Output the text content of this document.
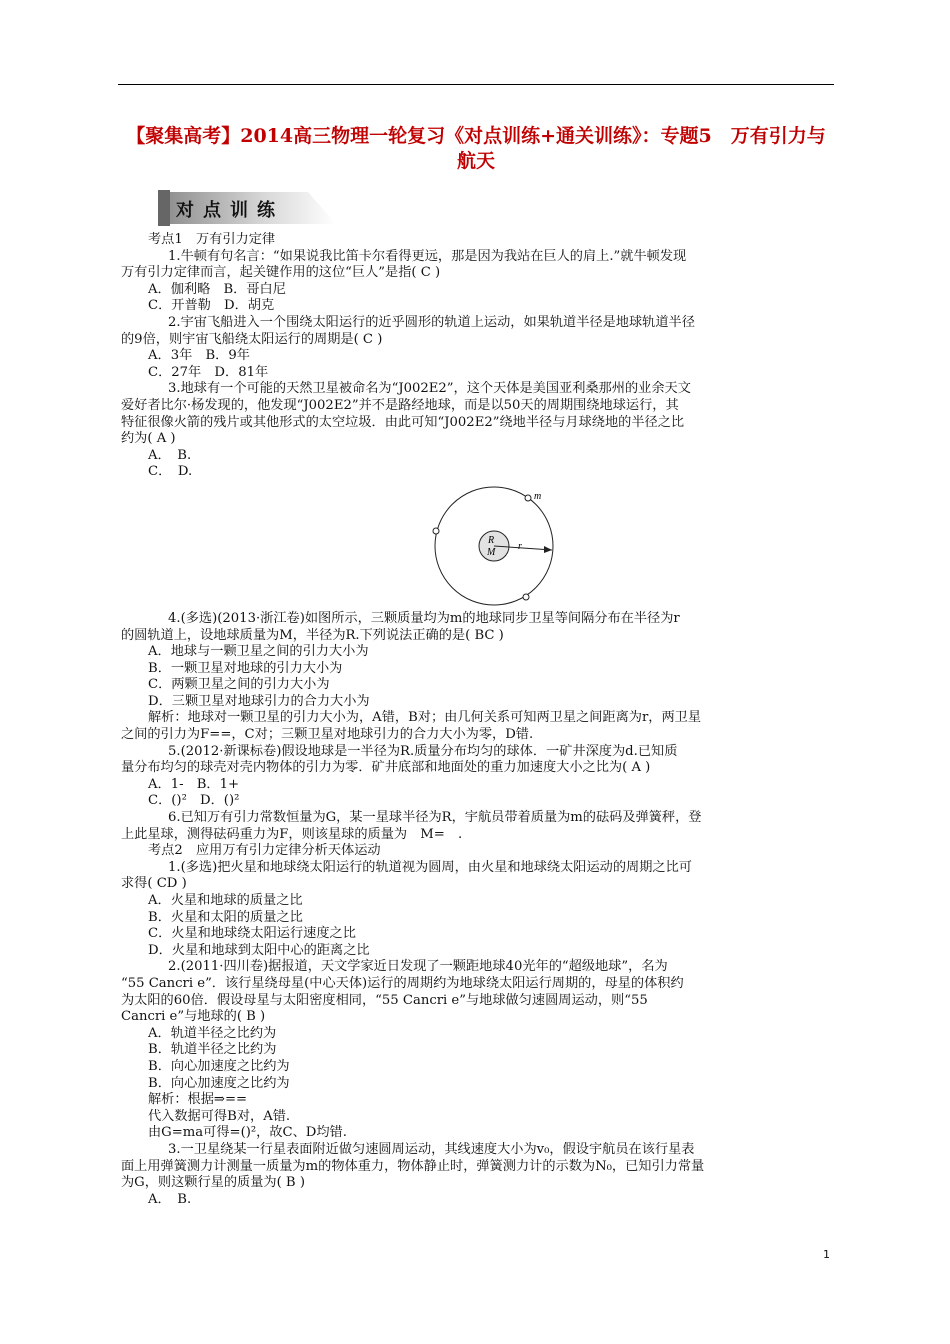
【聚集高考】2014高三物理一轮复习《对点训练+通关训练》：专题5　万有引力与航天
对点训练
考点1　万有引力定律
1.牛顿有句名言：“如果说我比笛卡尔看得更远，那是因为我站在巨人的肩上.”就牛顿发现
万有引力定律而言，起关键作用的这位“巨人”是指( C )
A．伽利略　B．哥白尼
C．开普勒　D．胡克
2.宇宙飞船进入一个围绕太阳运行的近乎圆形的轨道上运动，如果轨道半径是地球轨道半径
的9倍，则宇宙飞船绕太阳运行的周期是( C )
A．3年　B．9年
C．27年　D．81年
3.地球有一个可能的天然卫星被命名为“J002E2”，这个天体是美国亚利桑那州的业余天文
爱好者比尔·杨发现的，他发现“J002E2”并不是路经地球，而是以50天的周期围绕地球运行，其
特征很像火箭的残片或其他形式的太空垃圾．由此可知“J002E2”绕地半径与月球绕地的半径之比
约为( A )
A．　B.
C．　D.
m
R
M
r
4.(多选)(2013·浙江卷)如图所示，三颗质量均为m的地球同步卫星等间隔分布在半径为r
的圆轨道上，设地球质量为M，半径为R.下列说法正确的是( BC )
A．地球与一颗卫星之间的引力大小为
B．一颗卫星对地球的引力大小为
C．两颗卫星之间的引力大小为
D．三颗卫星对地球引力的合力大小为
解析：地球对一颗卫星的引力大小为，A错，B对；由几何关系可知两卫星之间距离为r，两卫星
之间的引力为F==，C对；三颗卫星对地球引力的合力大小为零，D错.
5.(2012·新课标卷)假设地球是一半径为R.质量分布均匀的球体．一矿井深度为d.已知质
量分布均匀的球壳对壳内物体的引力为零．矿井底部和地面处的重力加速度大小之比为( A )
A．1-　B．1+
C．()²　D．()²
6.已知万有引力常数恒量为G，某一星球半径为R，宇航员带着质量为m的砝码及弹簧秤，登
上此星球，测得砝码重力为F，则该星球的质量为　M=　.
考点2　应用万有引力定律分析天体运动
1.(多选)把火星和地球绕太阳运行的轨道视为圆周，由火星和地球绕太阳运动的周期之比可
求得( CD )
A．火星和地球的质量之比
B．火星和太阳的质量之比
C．火星和地球绕太阳运行速度之比
D．火星和地球到太阳中心的距离之比
2.(2011·四川卷)据报道，天文学家近日发现了一颗距地球40光年的“超级地球”，名为
“55 Cancri e”．该行星绕母星(中心天体)运行的周期约为地球绕太阳运行周期的，母星的体积约
为太阳的60倍．假设母星与太阳密度相同，“55 Cancri e”与地球做匀速圆周运动，则“55
Cancri e”与地球的( B )
A．轨道半径之比约为
B．轨道半径之比约为
B．向心加速度之比约为
B．向心加速度之比约为
解析：根据⇒==
代入数据可得B对，A错.
由G=ma可得=()²，故C、D均错.
3.一卫星绕某一行星表面附近做匀速圆周运动，其线速度大小为v₀，假设宇航员在该行星表
面上用弹簧测力计测量一质量为m的物体重力，物体静止时，弹簧测力计的示数为N₀，已知引力常量
为G，则这颗行星的质量为( B )
A．　B.
1
